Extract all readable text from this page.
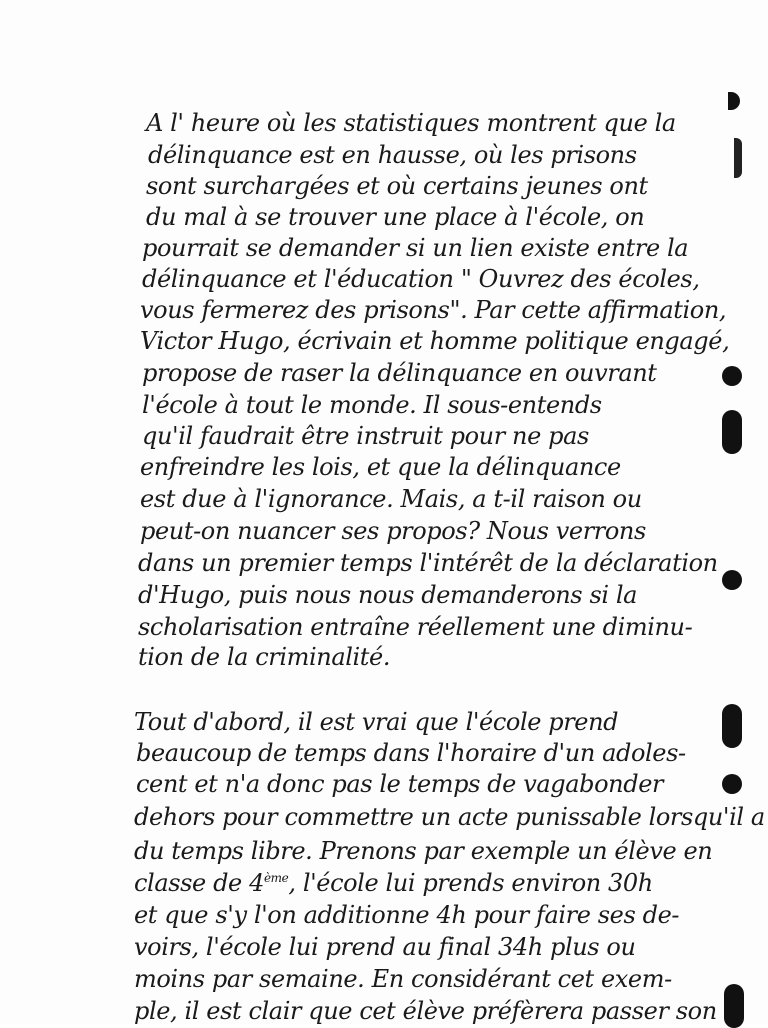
A l' heure où les statistiques montrent que la
délinquance est en hausse, où les prisons
sont surchargées et où certains jeunes ont
du mal à se trouver une place à l'école, on
pourrait se demander si un lien existe entre la
délinquance et l'éducation " Ouvrez des écoles,
vous fermerez des prisons". Par cette affirmation,
Victor Hugo, écrivain et homme politique engagé,
propose de raser la délinquance en ouvrant
l'école à tout le monde. Il sous-entends
qu'il faudrait être instruit pour ne pas
enfreindre les lois, et que la délinquance
est due à l'ignorance. Mais, a t-il raison ou
peut-on nuancer ses propos? Nous verrons
dans un premier temps l'intérêt de la déclaration
d'Hugo, puis nous nous demanderons si la
scholarisation entraîne réellement une diminu-
tion de la criminalité.
Tout d'abord, il est vrai que l'école prend
beaucoup de temps dans l'horaire d'un adoles-
cent et n'a donc pas le temps de vagabonder
dehors pour commettre un acte punissable lorsqu'il a
du temps libre. Prenons par exemple un élève en
classe de 4ème, l'école lui prends environ 30h
et que s'y l'on additionne 4h pour faire ses de-
voirs, l'école lui prend au final 34h plus ou
moins par semaine. En considérant cet exem-
ple, il est clair que cet élève préfèrera passer son
